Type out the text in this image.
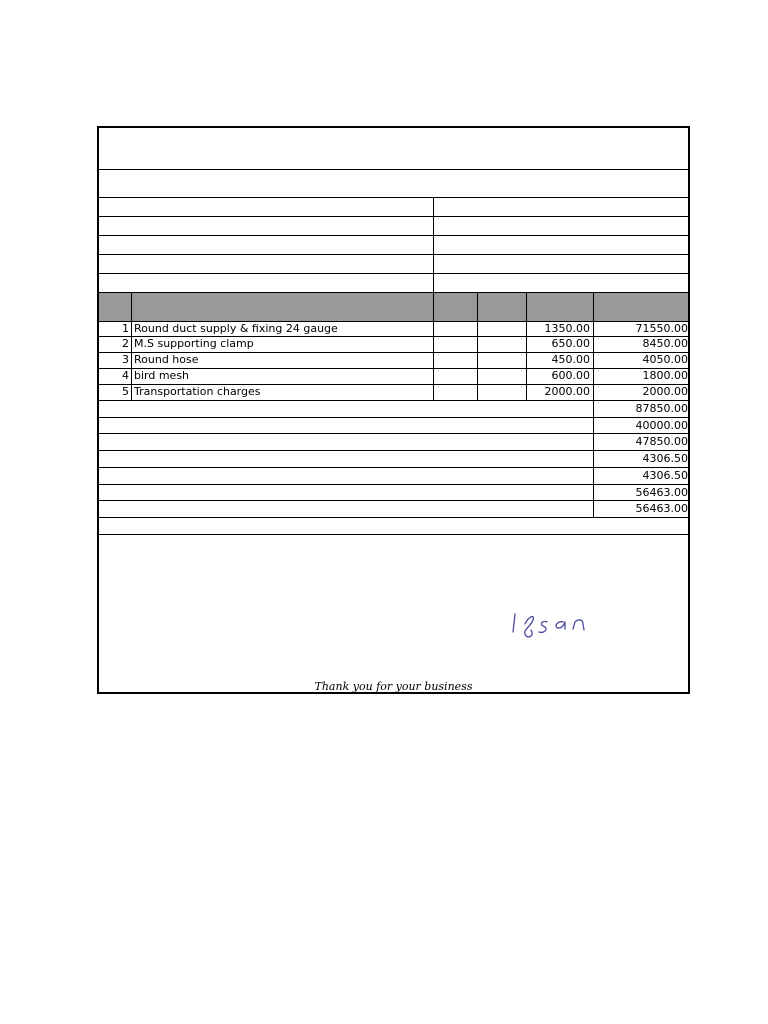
1 Round duct supply & fixing 24 gauge	1350.00	71550.00
2 M.S supporting clamp	650.00	8450.00
3 Round hose	450.00	4050.00
4 bird mesh	600.00	1800.00
5 Transportation charges	2000.00	2000.00
87850.00
40000.00
47850.00
4306.50
4306.50
56463.00
56463.00
Thank you for your business
